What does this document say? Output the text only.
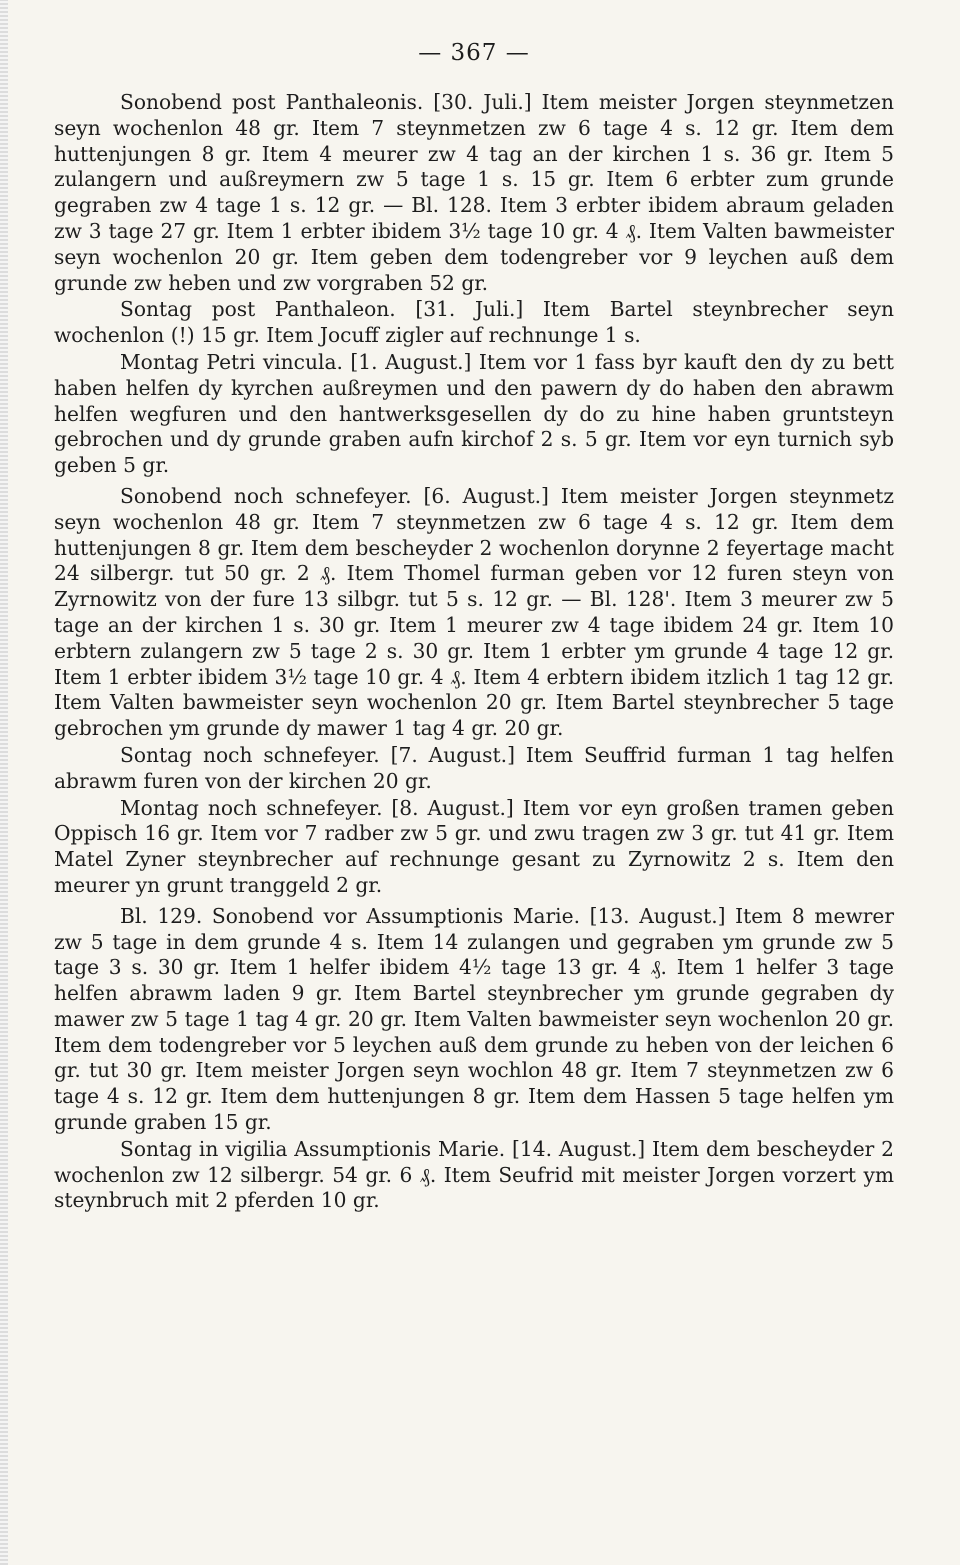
— 367 —

Sonobend post Panthaleonis. [30. Juli.] Item meister Jorgen steynmetzen seyn wochenlon 48 gr. Item 7 steynmetzen zw 6 tage 4 s. 12 gr. Item dem huttenjungen 8 gr. Item 4 meurer zw 4 tag an der kirchen 1 s. 36 gr. Item 5 zulangern und außreymern zw 5 tage 1 s. 15 gr. Item 6 erbter zum grunde gegraben zw 4 tage 1 s. 12 gr. — Bl. 128. Item 3 erbter ibidem abraum geladen zw 3 tage 27 gr. Item 1 erbter ibidem 3½ tage 10 gr. 4 ₰. Item Valten bawmeister seyn wochenlon 20 gr. Item geben dem todengreber vor 9 leychen auß dem grunde zw heben und zw vorgraben 52 gr.

Sontag post Panthaleon. [31. Juli.] Item Bartel steynbrecher seyn wochenlon (!) 15 gr. Item Jocuff zigler auf rechnunge 1 s.

Montag Petri vincula. [1. August.] Item vor 1 fass byr kauft den dy zu bett haben helfen dy kyrchen außreymen und den pawern dy do haben den abrawm helfen wegfuren und den hantwerksgesellen dy do zu hine haben gruntsteyn gebrochen und dy grunde graben aufn kirchof 2 s. 5 gr. Item vor eyn turnich syb geben 5 gr.

Sonobend noch schnefeyer. [6. August.] Item meister Jorgen steynmetz seyn wochenlon 48 gr. Item 7 steynmetzen zw 6 tage 4 s. 12 gr. Item dem huttenjungen 8 gr. Item dem bescheyder 2 wochenlon dorynne 2 feyertage macht 24 silbergr. tut 50 gr. 2 ₰. Item Thomel furman geben vor 12 furen steyn von Zyrnowitz von der fure 13 silbgr. tut 5 s. 12 gr. — Bl. 128'. Item 3 meurer zw 5 tage an der kirchen 1 s. 30 gr. Item 1 meurer zw 4 tage ibidem 24 gr. Item 10 erbtern zulangern zw 5 tage 2 s. 30 gr. Item 1 erbter ym grunde 4 tage 12 gr. Item 1 erbter ibidem 3½ tage 10 gr. 4 ₰. Item 4 erbtern ibidem itzlich 1 tag 12 gr. Item Valten bawmeister seyn wochenlon 20 gr. Item Bartel steynbrecher 5 tage gebrochen ym grunde dy mawer 1 tag 4 gr. 20 gr.

Sontag noch schnefeyer. [7. August.] Item Seuffrid furman 1 tag helfen abrawm furen von der kirchen 20 gr.

Montag noch schnefeyer. [8. August.] Item vor eyn großen tramen geben Oppisch 16 gr. Item vor 7 radber zw 5 gr. und zwu tragen zw 3 gr. tut 41 gr. Item Matel Zyner steynbrecher auf rechnunge gesant zu Zyrnowitz 2 s. Item den meurer yn grunt tranggeld 2 gr.

Bl. 129. Sonobend vor Assumptionis Marie. [13. August.] Item 8 mewrer zw 5 tage in dem grunde 4 s. Item 14 zulangen und gegraben ym grunde zw 5 tage 3 s. 30 gr. Item 1 helfer ibidem 4½ tage 13 gr. 4 ₰. Item 1 helfer 3 tage helfen abrawm laden 9 gr. Item Bartel steynbrecher ym grunde gegraben dy mawer zw 5 tage 1 tag 4 gr. 20 gr. Item Valten bawmeister seyn wochenlon 20 gr. Item dem todengreber vor 5 leychen auß dem grunde zu heben von der leichen 6 gr. tut 30 gr. Item meister Jorgen seyn wochlon 48 gr. Item 7 steynmetzen zw 6 tage 4 s. 12 gr. Item dem huttenjungen 8 gr. Item dem Hassen 5 tage helfen ym grunde graben 15 gr.

Sontag in vigilia Assumptionis Marie. [14. August.] Item dem bescheyder 2 wochenlon zw 12 silbergr. 54 gr. 6 ₰. Item Seufrid mit meister Jorgen vorzert ym steynbruch mit 2 pferden 10 gr.
